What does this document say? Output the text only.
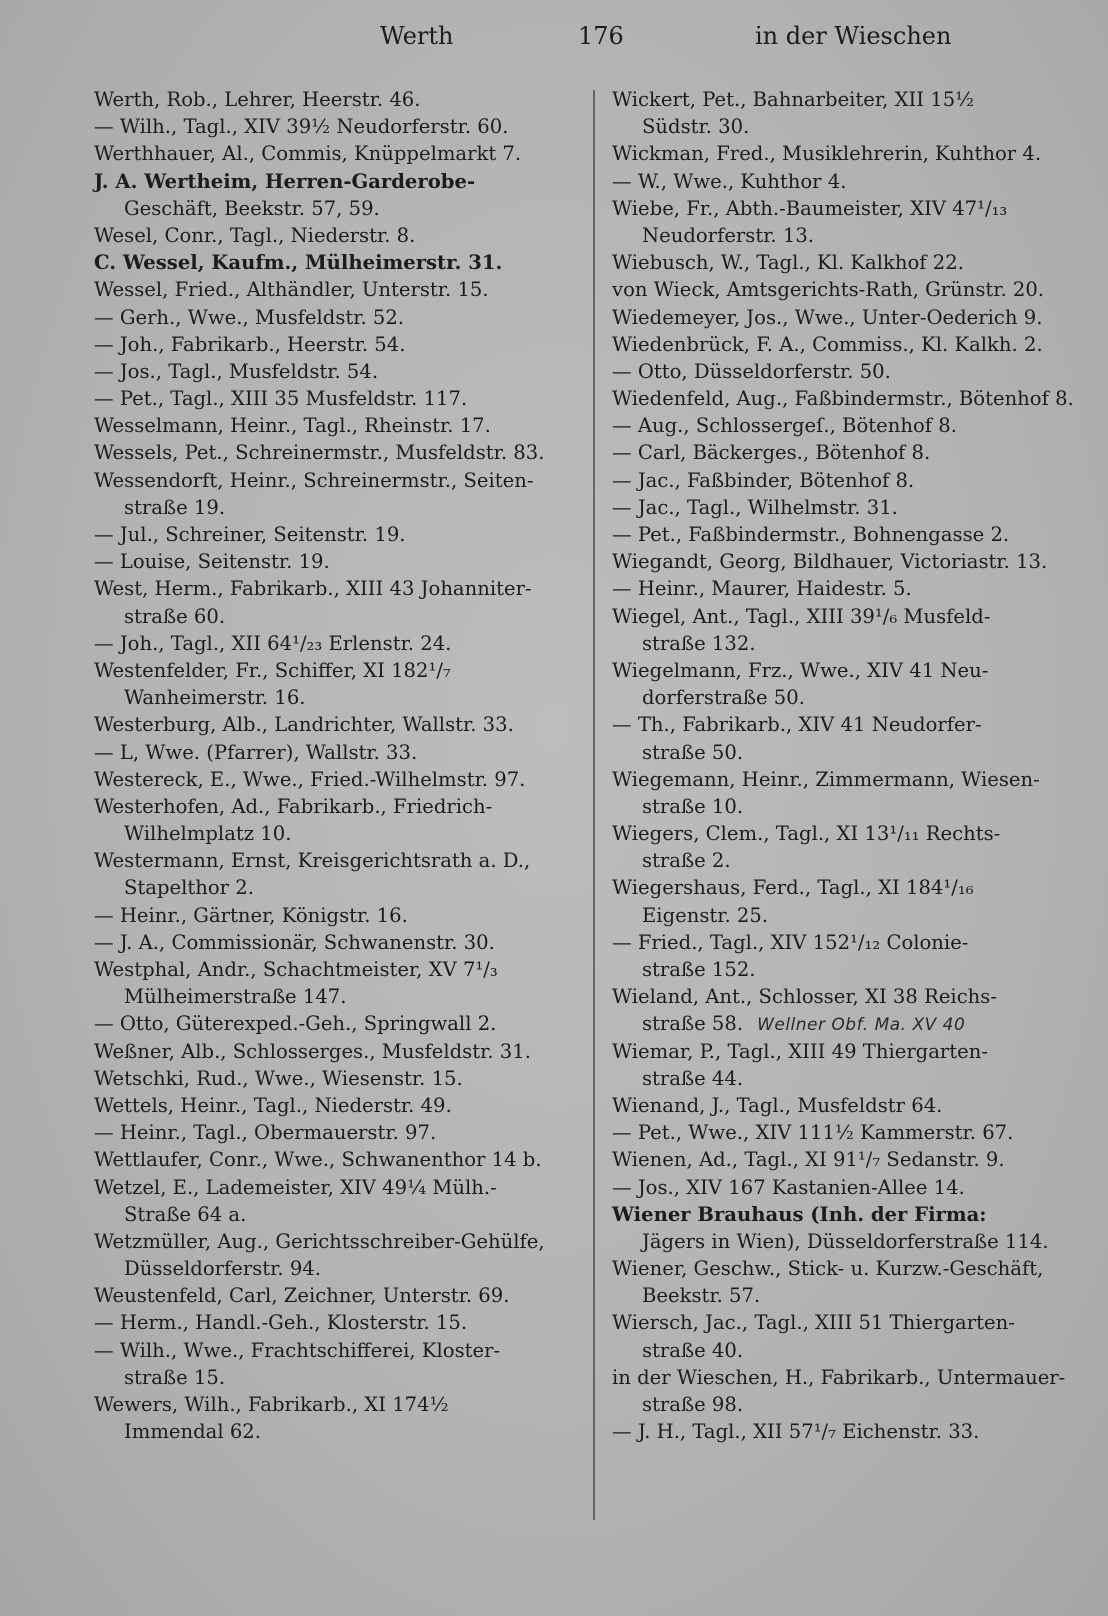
Werth	176	in der Wieschen
Werth, Rob., Lehrer, Heerstr. 46.
— Wilh., Tagl., XIV 39½ Neudorferstr. 60.
Werthhauer, Al., Commis, Knüppelmarkt 7.
J. A. Wertheim, Herren-Garderobe-
Geschäft, Beekstr. 57, 59.
Wesel, Conr., Tagl., Niederstr. 8.
C. Wessel, Kaufm., Mülheimerstr. 31.
Wessel, Fried., Althändler, Unterstr. 15.
— Gerh., Wwe., Musfeldstr. 52.
— Joh., Fabrikarb., Heerstr. 54.
— Jos., Tagl., Musfeldstr. 54.
— Pet., Tagl., XIII 35 Musfeldstr. 117.
Wesselmann, Heinr., Tagl., Rheinstr. 17.
Wessels, Pet., Schreinermstr., Musfeldstr. 83.
Wessendorft, Heinr., Schreinermstr., Seiten-
straße 19.
— Jul., Schreiner, Seitenstr. 19.
— Louise, Seitenstr. 19.
West, Herm., Fabrikarb., XIII 43 Johanniter-
straße 60.
— Joh., Tagl., XII 64¹/₂₃ Erlenstr. 24.
Westenfelder, Fr., Schiffer, XI 182¹/₇
Wanheimerstr. 16.
Westerburg, Alb., Landrichter, Wallstr. 33.
— L, Wwe. (Pfarrer), Wallstr. 33.
Westereck, E., Wwe., Fried.-Wilhelmstr. 97.
Westerhofen, Ad., Fabrikarb., Friedrich-
Wilhelmplatz 10.
Westermann, Ernst, Kreisgerichtsrath a. D.,
Stapelthor 2.
— Heinr., Gärtner, Königstr. 16.
— J. A., Commissionär, Schwanenstr. 30.
Westphal, Andr., Schachtmeister, XV 7¹/₃
Mülheimerstraße 147.
— Otto, Güterexped.-Geh., Springwall 2.
Weßner, Alb., Schlosserges., Musfeldstr. 31.
Wetschki, Rud., Wwe., Wiesenstr. 15.
Wettels, Heinr., Tagl., Niederstr. 49.
— Heinr., Tagl., Obermauerstr. 97.
Wettlaufer, Conr., Wwe., Schwanenthor 14 b.
Wetzel, E., Lademeister, XIV 49¼ Mülh.-
Straße 64 a.
Wetzmüller, Aug., Gerichtsschreiber-Gehülfe,
Düsseldorferstr. 94.
Weustenfeld, Carl, Zeichner, Unterstr. 69.
— Herm., Handl.-Geh., Klosterstr. 15.
— Wilh., Wwe., Frachtschifferei, Kloster-
straße 15.
Wewers, Wilh., Fabrikarb., XI 174½
Immendal 62.
Wickert, Pet., Bahnarbeiter, XII 15½
Südstr. 30.
Wickman, Fred., Musiklehrerin, Kuhthor 4.
— W., Wwe., Kuhthor 4.
Wiebe, Fr., Abth.-Baumeister, XIV 47¹/₁₃
Neudorferstr. 13.
Wiebusch, W., Tagl., Kl. Kalkhof 22.
von Wieck, Amtsgerichts-Rath, Grünstr. 20.
Wiedemeyer, Jos., Wwe., Unter-Oederich 9.
Wiedenbrück, F. A., Commiss., Kl. Kalkh. 2.
— Otto, Düsseldorferstr. 50.
Wiedenfeld, Aug., Faßbindermstr., Bötenhof 8.
— Aug., Schlossergeſ., Bötenhof 8.
— Carl, Bäckerges., Bötenhof 8.
— Jac., Faßbinder, Bötenhof 8.
— Jac., Tagl., Wilhelmstr. 31.
— Pet., Faßbindermstr., Bohnengasse 2.
Wiegandt, Georg, Bildhauer, Victoriastr. 13.
— Heinr., Maurer, Haidestr. 5.
Wiegel, Ant., Tagl., XIII 39¹/₆ Musfeld-
straße 132.
Wiegelmann, Frz., Wwe., XIV 41 Neu-
dorferstraße 50.
— Th., Fabrikarb., XIV 41 Neudorfer-
straße 50.
Wiegemann, Heinr., Zimmermann, Wiesen-
straße 10.
Wiegers, Clem., Tagl., XI 13¹/₁₁ Rechts-
straße 2.
Wiegershaus, Ferd., Tagl., XI 184¹/₁₆
Eigenstr. 25.
— Fried., Tagl., XIV 152¹/₁₂ Colonie-
straße 152.
Wieland, Ant., Schlosser, XI 38 Reichs-
straße 58. Wellner Obf. Ma. XV 40
Wiemar, P., Tagl., XIII 49 Thiergarten-
straße 44.
Wienand, J., Tagl., Musfeldstr 64.
— Pet., Wwe., XIV 111½ Kammerstr. 67.
Wienen, Ad., Tagl., XI 91¹/₇ Sedanstr. 9.
— Jos., XIV 167 Kastanien-Allee 14.
Wiener Brauhaus (Inh. der Firma:
Jägers in Wien), Düsseldorferstraße 114.
Wiener, Geschw., Stick- u. Kurzw.-Geschäft,
Beekstr. 57.
Wiersch, Jac., Tagl., XIII 51 Thiergarten-
straße 40.
in der Wieschen, H., Fabrikarb., Untermauer-
straße 98.
— J. H., Tagl., XII 57¹/₇ Eichenstr. 33.
